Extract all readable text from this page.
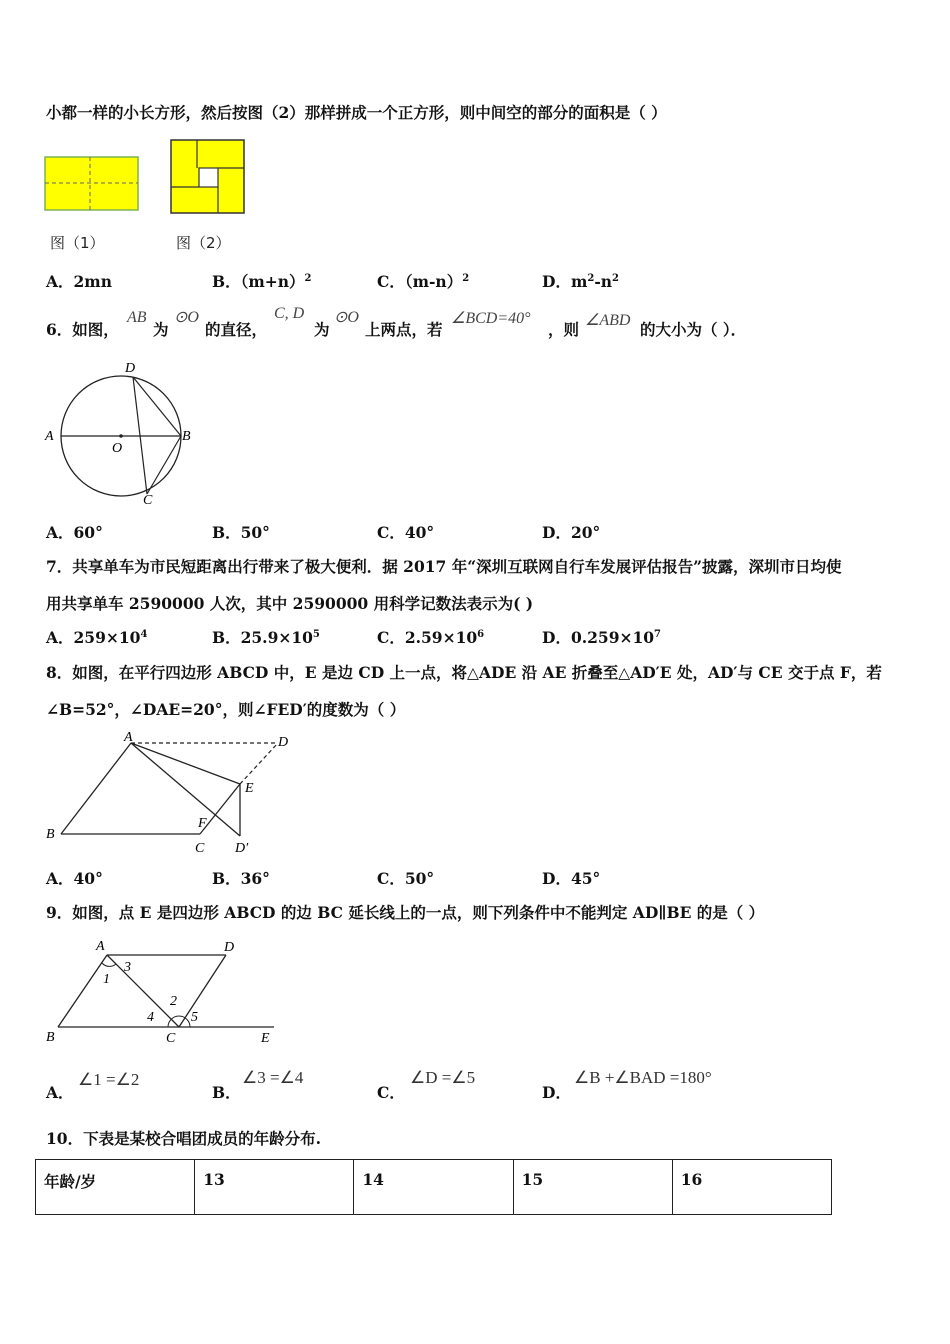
小都一样的小长方形，然后按图（2）那样拼成一个正方形，则中间空的部分的面积是（ ）
图（1）	图（2）
A．2mn	B．$(m+n)^2$	C．$(m-n)^2$	D．$m^2-n^2$
6．如图，
AB
为
⊙O
的直径，
C, D
为
⊙O
上两点，若
∠BCD=40°
，则 ∠ABD 的大小为（ ）．
A	B
C
D
O
A．60°	B．50°	C．40°	D．20°
7．共享单车为市民短距离出行带来了极大便利．据 2017 年“深圳互联网自行车发展评估报告”披露，深圳市日均使
用共享单车 2590000 人次，其中 2590000 用科学记数法表示为( )
A．$259\times 10^4$	B．$25.9\times 10^5$	C．$2.59\times 10^6$	D．$0.259\times 10^7$
8．如图，在平行四边形 ABCD 中，E 是边 CD 上一点，将△ADE 沿 AE 折叠至△AD′E 处，AD′与 CE 交于点 F，若
∠B=52°，∠DAE=20°，则∠FED′的度数为（ ）
A
B
C
D
E
F
D′
A．40°	B．36°	C．50°	D．45°
9．如图，点 E 是四边形 ABCD 的边 BC 延长线上的一点，则下列条件中不能判定 AD∥BE 的是（ ）
A	D
B	C	E
1
2
3
4	5
A．
∠1 =∠2
B．
∠3 =∠4
C．
∠D =∠5
D．
∠B +∠BAD =180°
10．下表是某校合唱团成员的年龄分布.
年龄/岁	13	14	15	16
